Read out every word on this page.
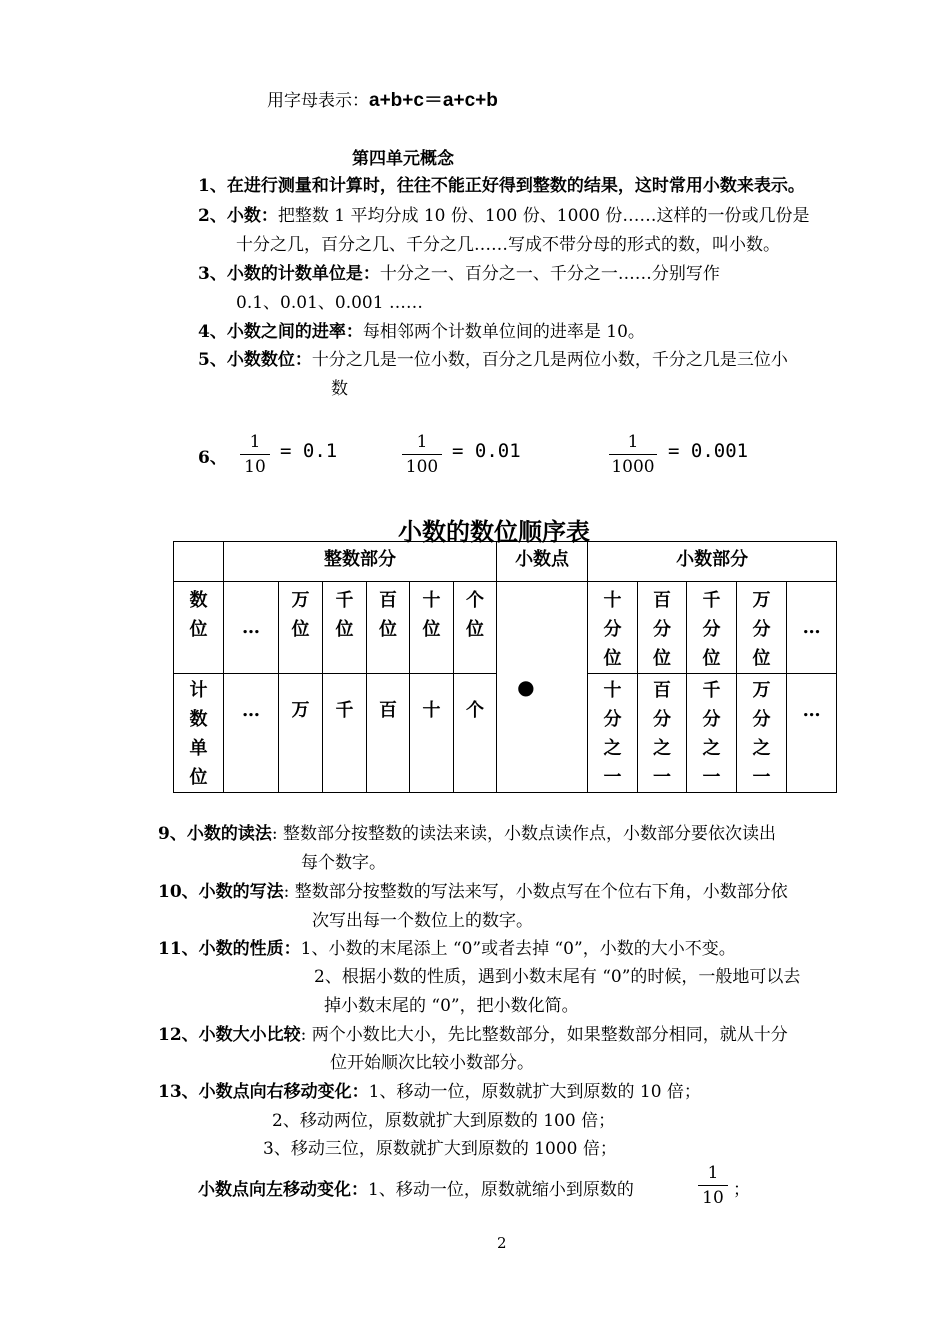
用字母表示：a+b+c＝a+c+b
第四单元概念
1、在进行测量和计算时，往往不能正好得到整数的结果，这时常用小数来表示。
2、小数：把整数 1 平均分成 10 份、100 份、1000 份‥‥‥这样的一份或几份是
十分之几，百分之几、千分之几‥‥‥写成不带分母的形式的数，叫小数。
3、小数的计数单位是：十分之一、百分之一、千分之一‥‥‥分别写作
0.1、0.01、0.001 ‥‥‥
4、小数之间的进率：每相邻两个计数单位间的进率是 10。
5、小数数位：十分之几是一位小数，百分之几是两位小数，千分之几是三位小
数
6、
1
10
= 0.1	1
100
= 0.01	1
1000
= 0.001
小数的数位顺序表
	整数部分						小数点	小数部分				
数位	…	万位	千位	百位	十位	个位	●	十分位	百分位	千分位	万分位	…
计数单位	…	万	千	百	十	个		十分之一	百分之一	千分之一	万分之一	…
9、小数的读法: 整数部分按整数的读法来读，小数点读作点，小数部分要依次读出
每个数字。
10、小数的写法: 整数部分按整数的写法来写，小数点写在个位右下角，小数部分依
次写出每一个数位上的数字。
11、小数的性质：1、小数的末尾添上 “0”或者去掉 “0”，小数的大小不变。
2、根据小数的性质，遇到小数末尾有 “0”的时候，一般地可以去
掉小数末尾的 “0”，把小数化简。
12、小数大小比较: 两个小数比大小，先比整数部分，如果整数部分相同，就从十分
位开始顺次比较小数部分。
13、小数点向右移动变化：1、移动一位，原数就扩大到原数的 10 倍；
2、移动两位，原数就扩大到原数的 100 倍；
3、移动三位，原数就扩大到原数的 1000 倍；
小数点向左移动变化：1、移动一位，原数就缩小到原数的
1
10 ；
2
